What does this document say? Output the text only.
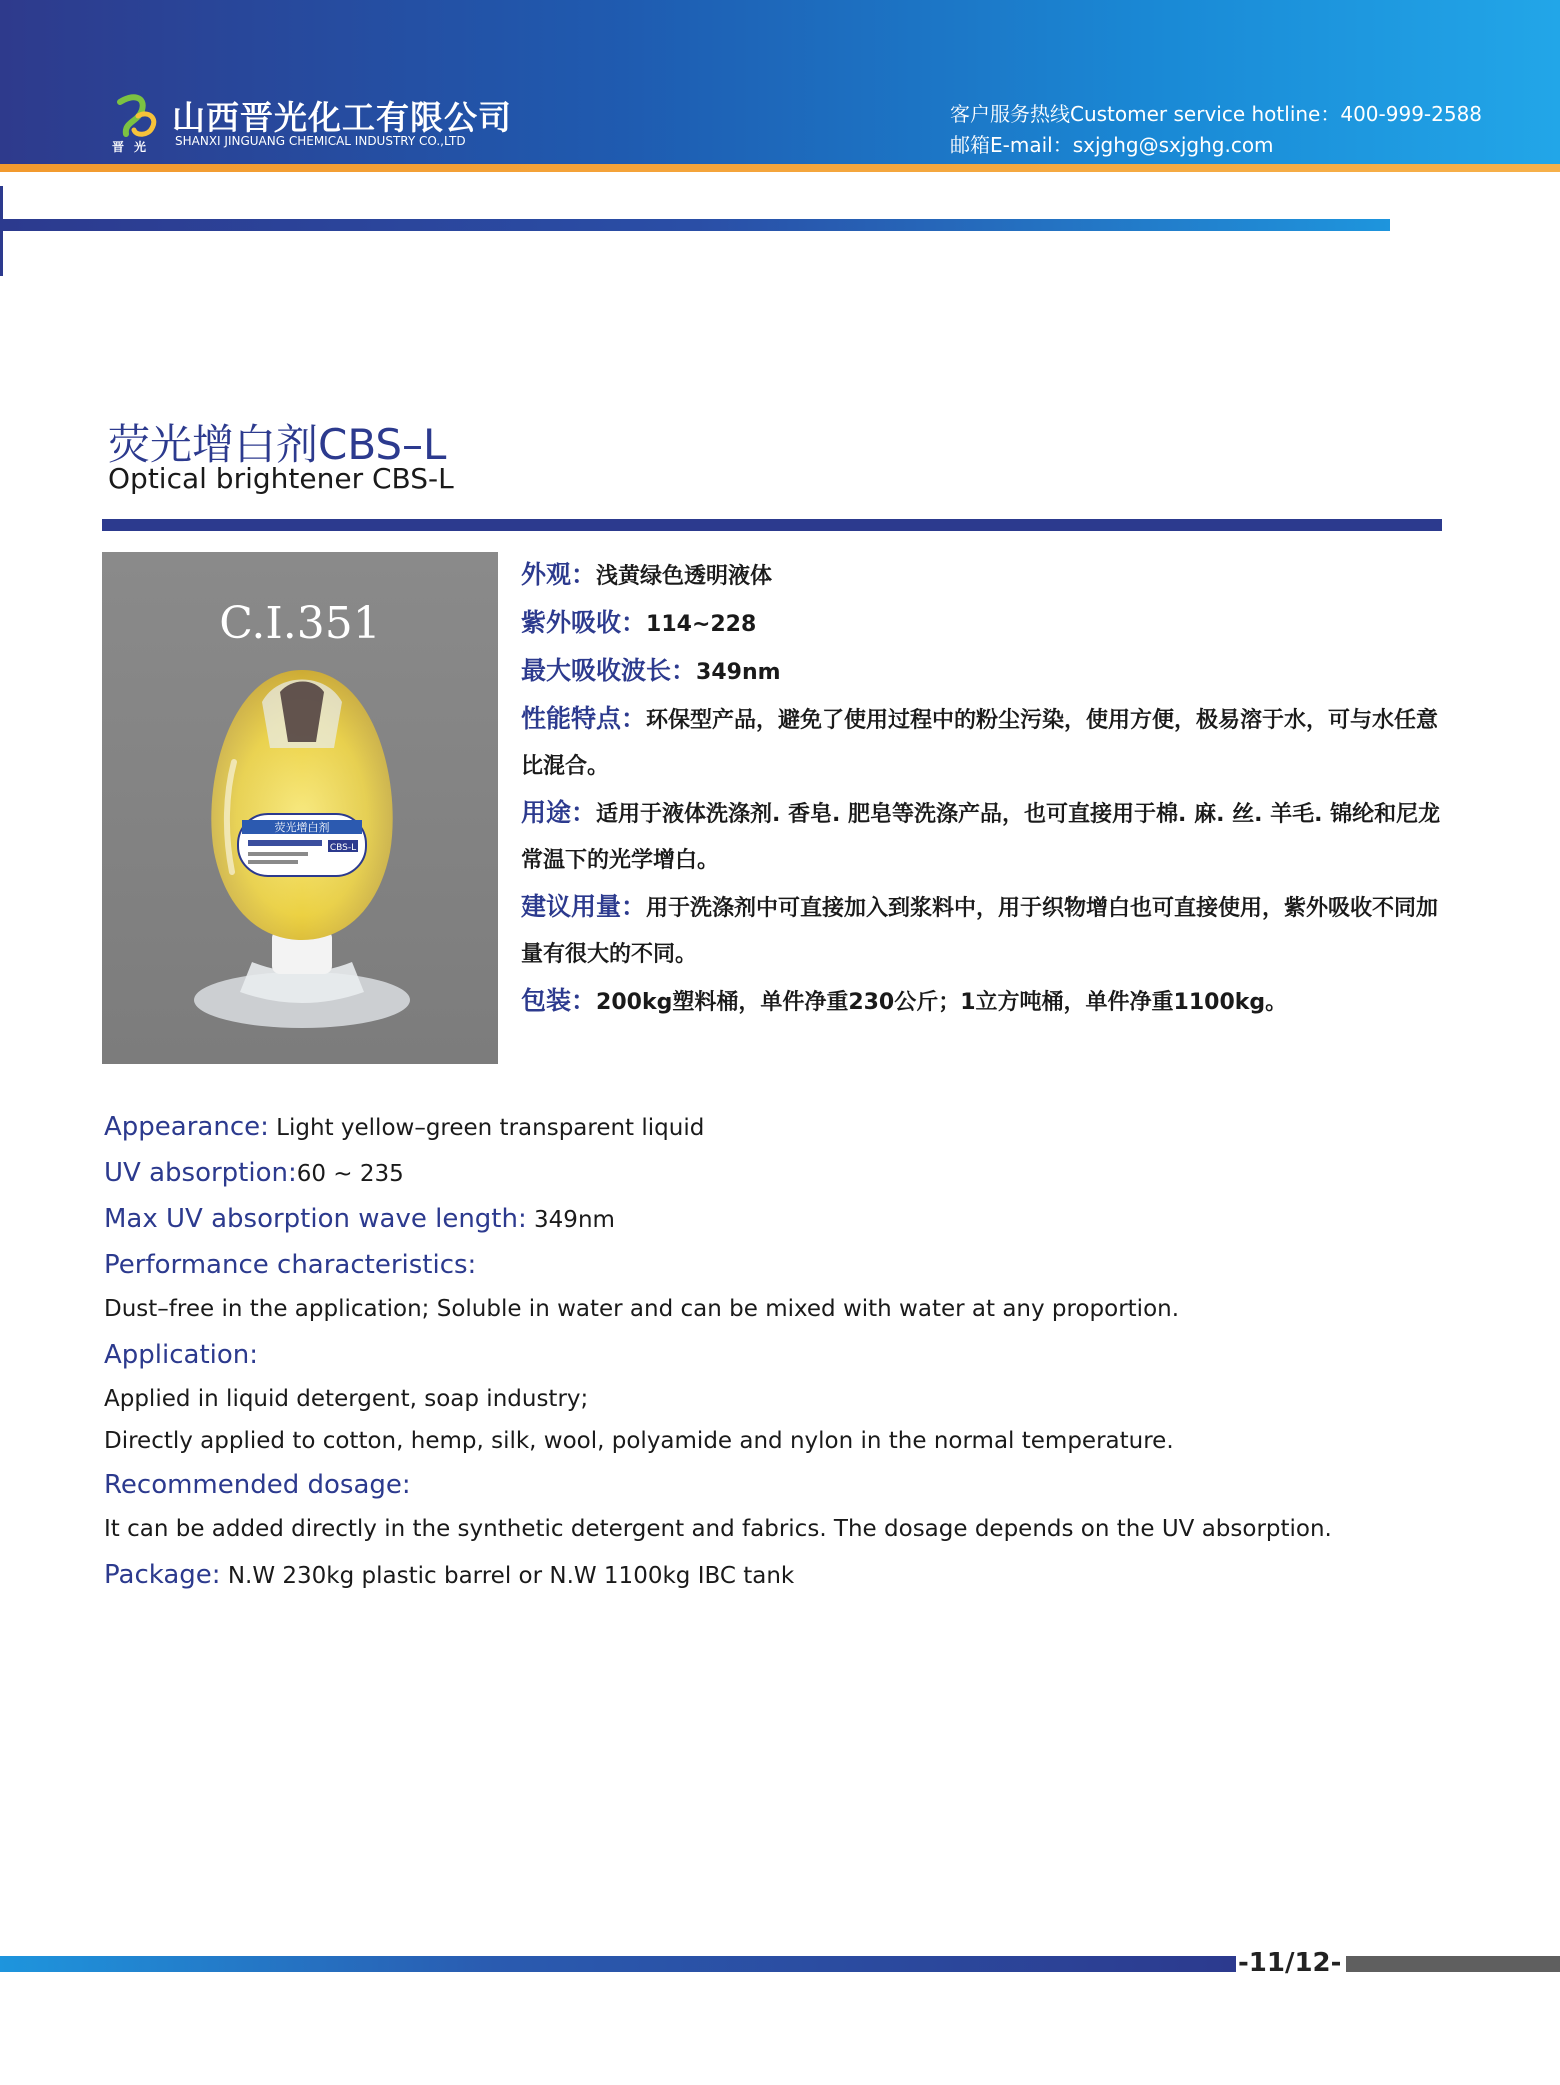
晋光
山西晋光化工有限公司
SHANXI JINGUANG CHEMICAL INDUSTRY CO.,LTD
客户服务热线Customer service hotline：400-999-2588
邮箱E-mail：sxjghg@sxjghg.com
荧光增白剂CBS–L
Optical brightener CBS-L
C.I.351
荧光增白剂
CBS-L

外观：浅黄绿色透明液体

紫外吸收：114~228

最大吸收波长：349nm

性能特点：环保型产品，避免了使用过程中的粉尘污染，使用方便，极易溶于水，可与水任意比混合。

用途：适用于液体洗涤剂. 香皂. 肥皂等洗涤产品，也可直接用于棉. 麻. 丝. 羊毛. 锦纶和尼龙常温下的光学增白。

建议用量：用于洗涤剂中可直接加入到浆料中，用于织物增白也可直接使用，紫外吸收不同加量有很大的不同。

包装：200kg塑料桶，单件净重230公斤；1立方吨桶，单件净重1100kg。

Appearance: Light yellow–green transparent liquid
UV absorption:60 ~ 235
Max UV absorption wave length: 349nm
Performance characteristics:
Dust–free in the application; Soluble in water and can be mixed with water at any proportion.
Application:
Applied in liquid detergent, soap industry;
Directly applied to cotton, hemp, silk, wool, polyamide and nylon in the normal temperature.
Recommended dosage:
It can be added directly in the synthetic detergent and fabrics. The dosage depends on the UV absorption.
Package: N.W 230kg plastic barrel or N.W 1100kg IBC tank
-11/12-
